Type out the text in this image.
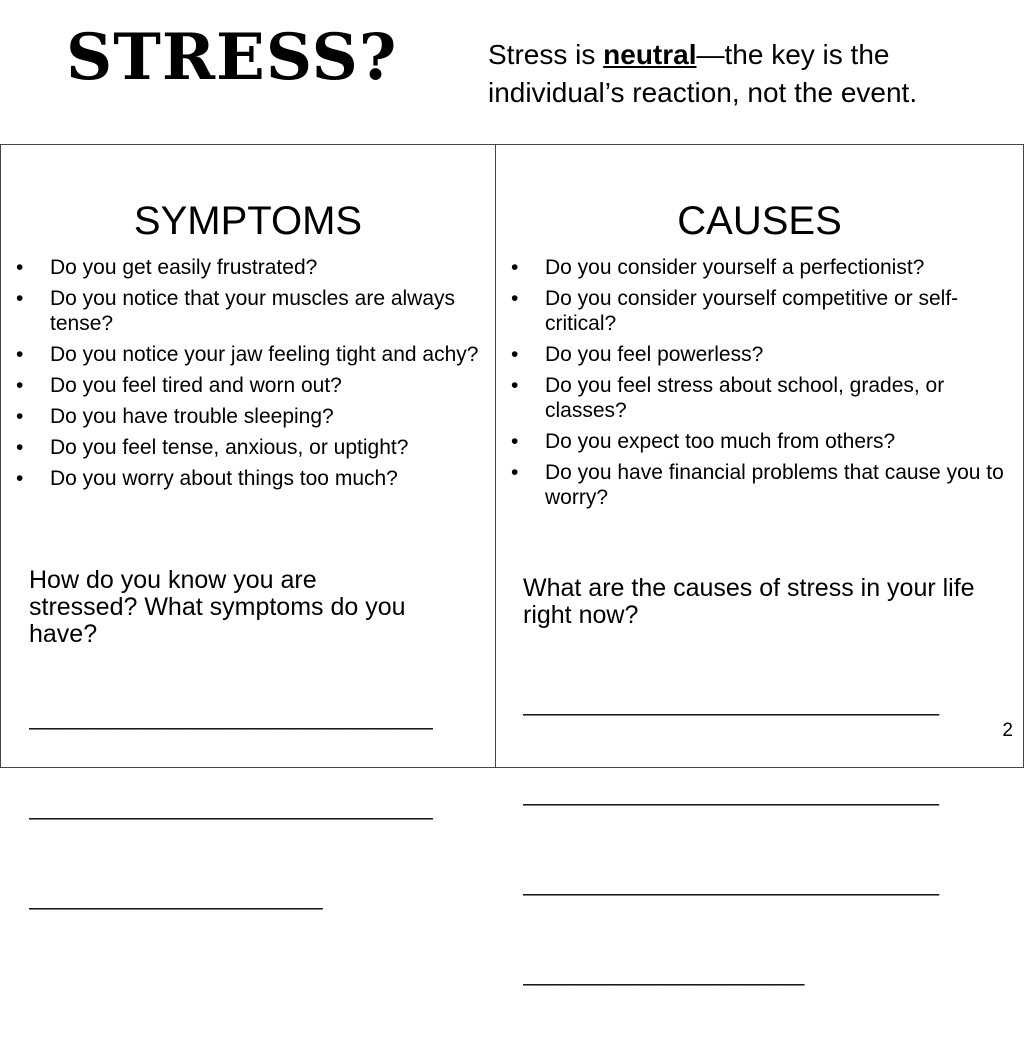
STRESS?	Stress is neutral—the key is the individual’s reaction, not the event.
SYMPTOMS
• Do you get easily frustrated?
• Do you notice that your muscles are always tense?
• Do you notice your jaw feeling tight and achy?
• Do you feel tired and worn out?
• Do you have trouble sleeping?
• Do you feel tense, anxious, or uptight?
• Do you worry about things too much?
How do you know you are stressed? What symptoms do you have?

_________________________________

_________________________________

________________________

CAUSES
• Do you consider yourself a perfectionist?
• Do you consider yourself competitive or self-critical?
• Do you feel powerless?
• Do you feel stress about school, grades, or classes?
• Do you expect too much from others?
• Do you have financial problems that cause you to worry?
What are the causes of stress in your life right now?

__________________________________

__________________________________

__________________________________

_______________________

2
